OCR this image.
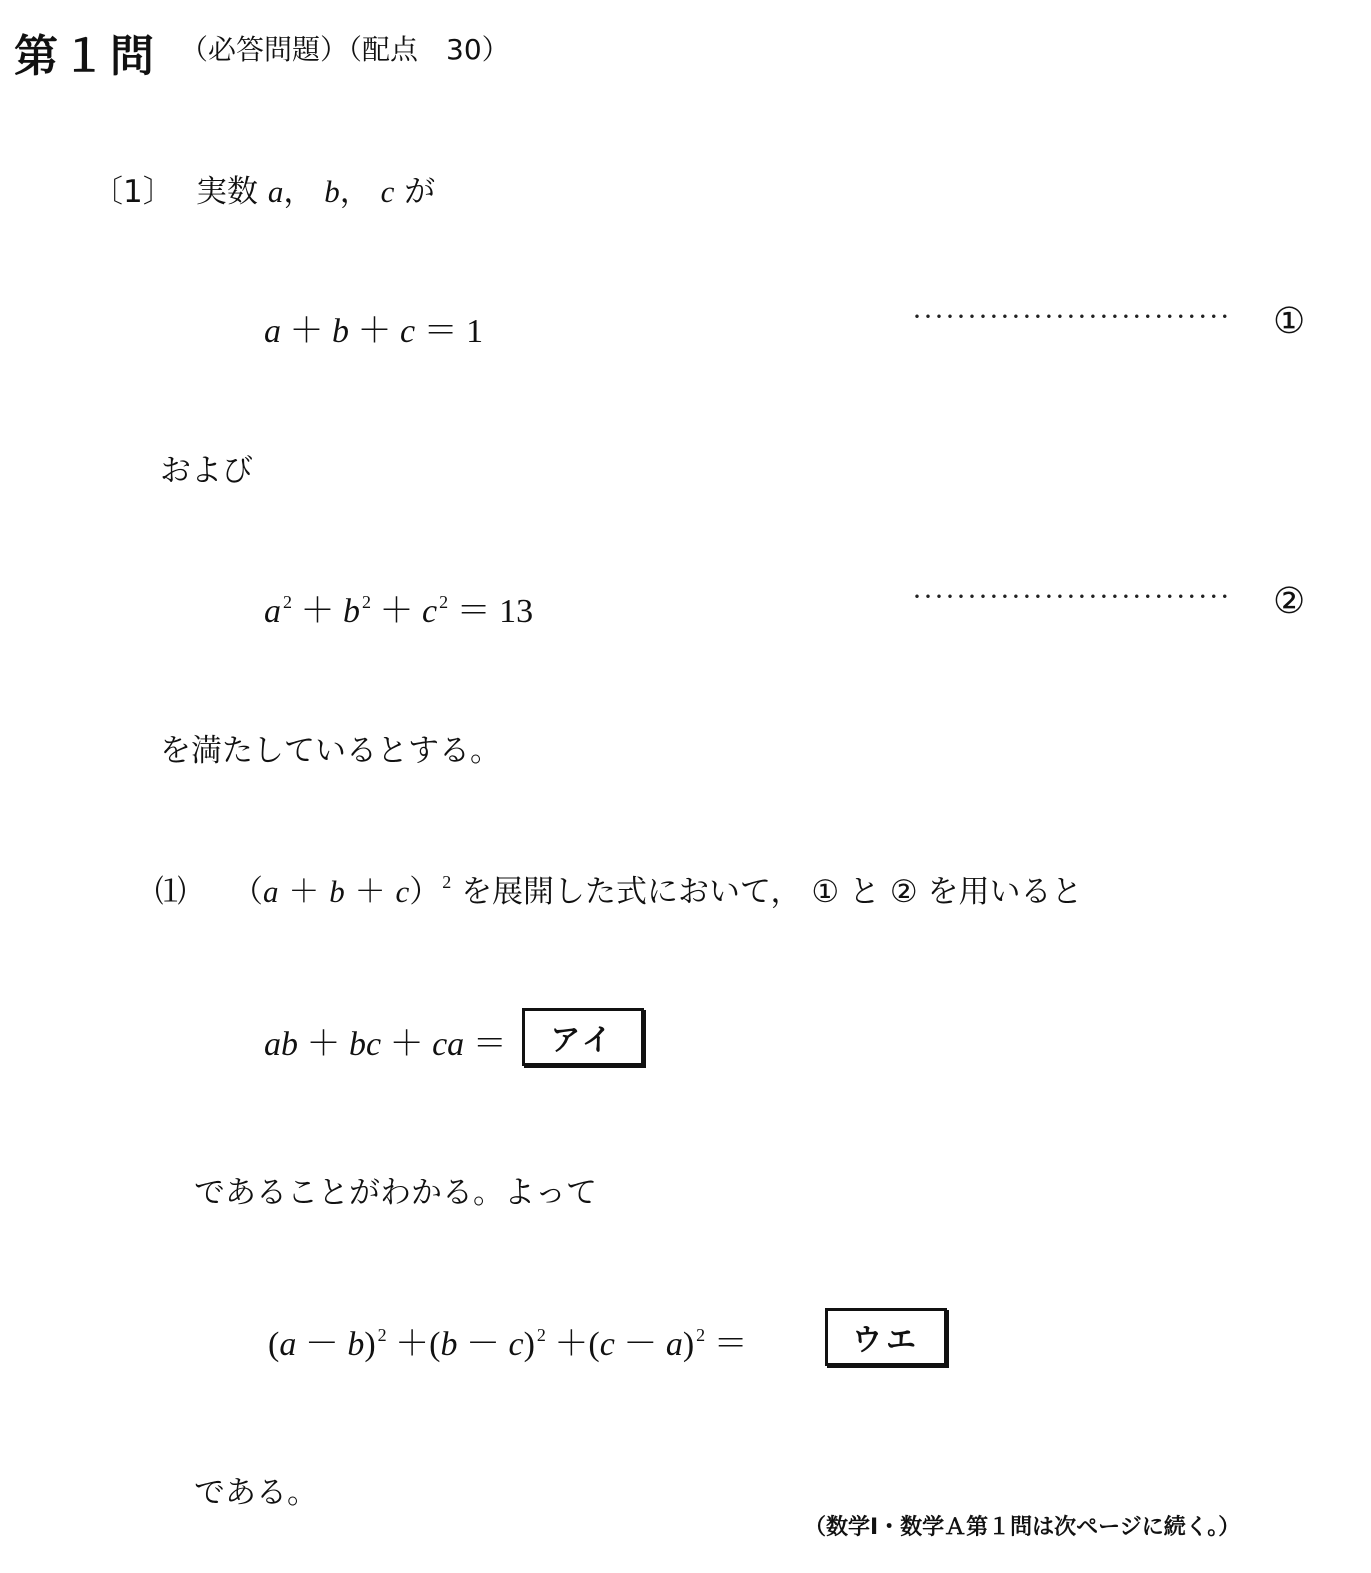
第１問 （必答問題）（配点　30）
〔1〕 実数 a， b， c が
a ＋ b ＋ c ＝ 1	····························· ①
および
a $^2$ ＋ b $^2$ ＋ c $^2$ ＝ 13	····························· ②
を満たしているとする。
⑴ （a ＋ b ＋ c） $^2$ を展開した式において， ① と ② を用いると
ab ＋ bc ＋ ca ＝	アイ
であることがわかる。よって
(a － b) $^2$ ＋(b － c) $^2$ ＋(c － a) $^2$ ＝	ウエ
である。
（数学Ⅰ・数学Ａ第１問は次ページに続く。）
